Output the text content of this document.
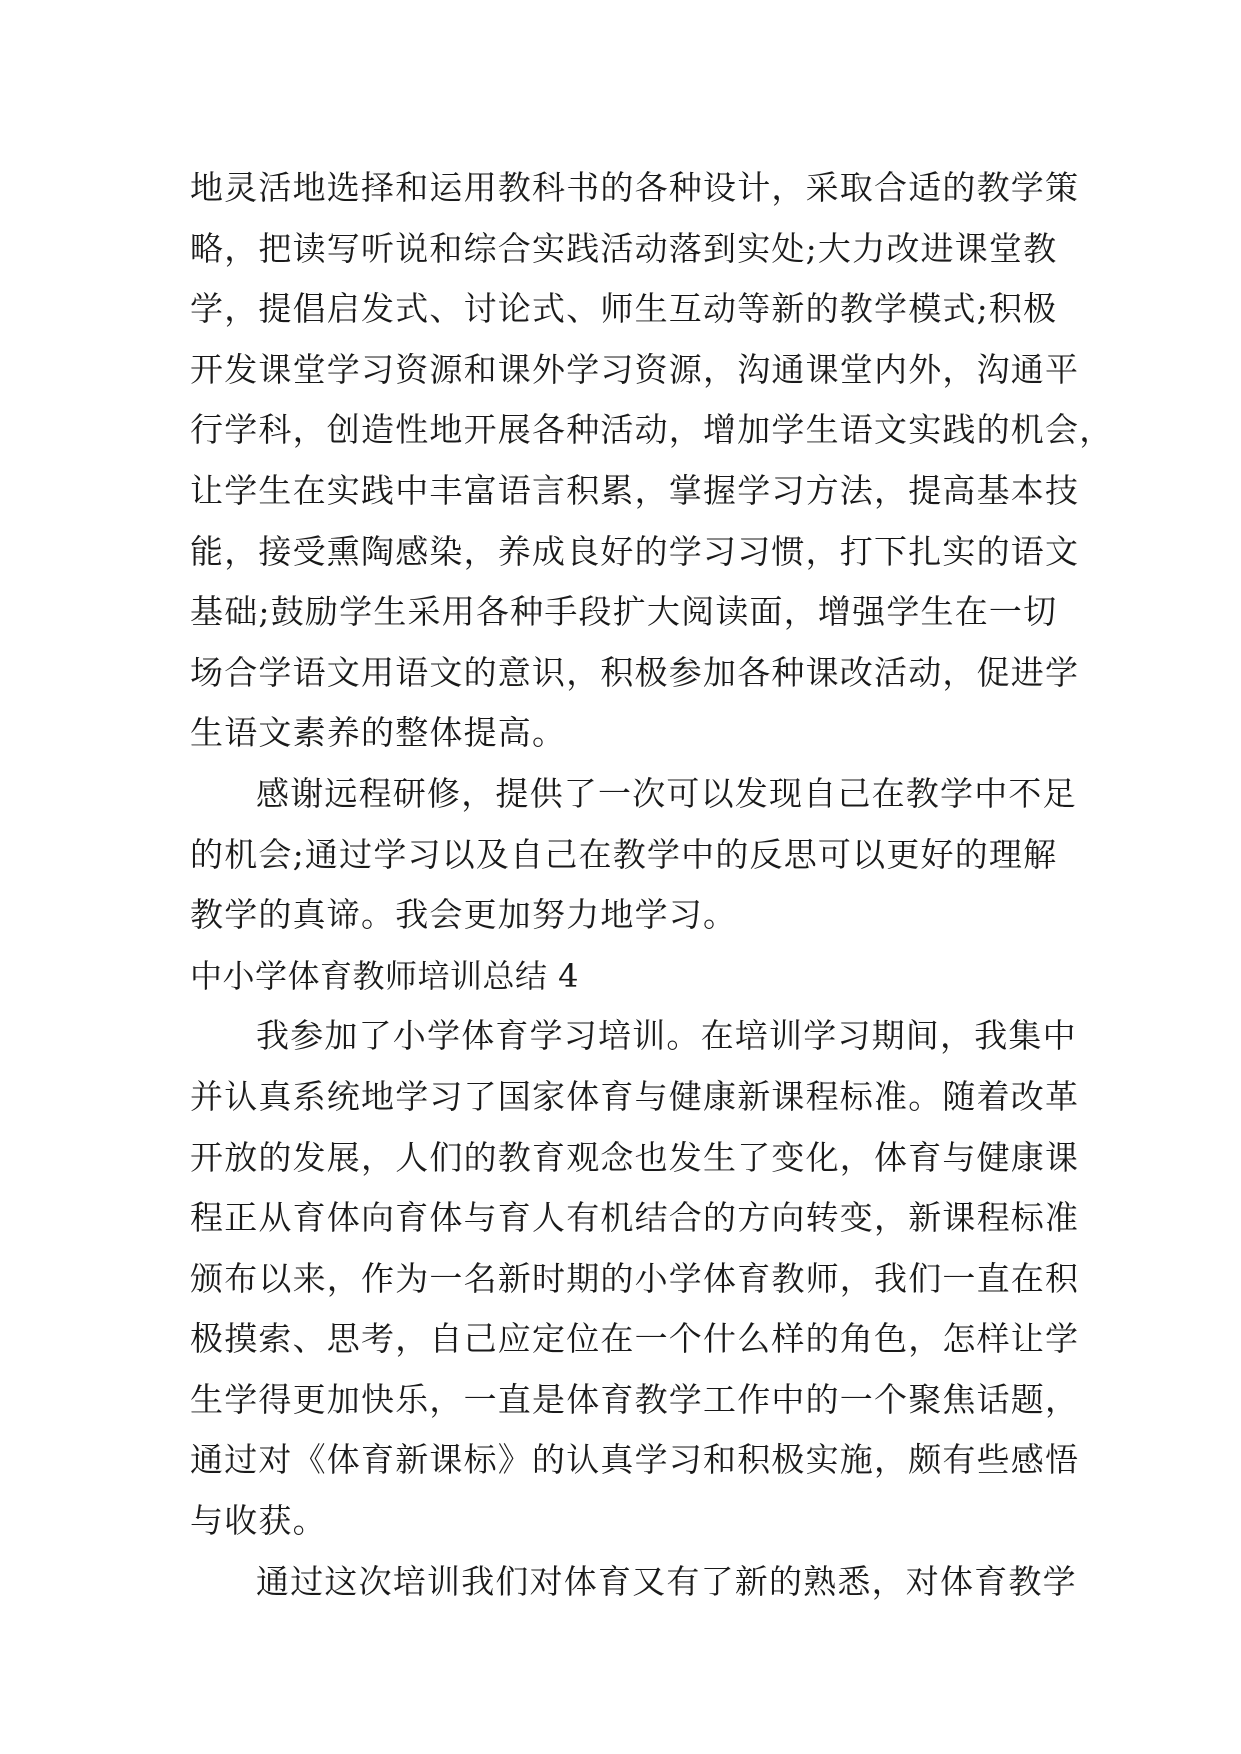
地灵活地选择和运用教科书的各种设计，采取合适的教学策
略，把读写听说和综合实践活动落到实处;大力改进课堂教
学，提倡启发式、讨论式、师生互动等新的教学模式;积极
开发课堂学习资源和课外学习资源，沟通课堂内外，沟通平
行学科，创造性地开展各种活动，增加学生语文实践的机会，
让学生在实践中丰富语言积累，掌握学习方法，提高基本技
能，接受熏陶感染，养成良好的学习习惯，打下扎实的语文
基础;鼓励学生采用各种手段扩大阅读面，增强学生在一切
场合学语文用语文的意识，积极参加各种课改活动，促进学
生语文素养的整体提高。
感谢远程研修，提供了一次可以发现自己在教学中不足
的机会;通过学习以及自己在教学中的反思可以更好的理解
教学的真谛。我会更加努力地学习。
中小学体育教师培训总结 4
我参加了小学体育学习培训。在培训学习期间，我集中
并认真系统地学习了国家体育与健康新课程标准。随着改革
开放的发展，人们的教育观念也发生了变化，体育与健康课
程正从育体向育体与育人有机结合的方向转变，新课程标准
颁布以来，作为一名新时期的小学体育教师，我们一直在积
极摸索、思考，自己应定位在一个什么样的角色，怎样让学
生学得更加快乐，一直是体育教学工作中的一个聚焦话题，
通过对《体育新课标》的认真学习和积极实施，颇有些感悟
与收获。
通过这次培训我们对体育又有了新的熟悉，对体育教学
